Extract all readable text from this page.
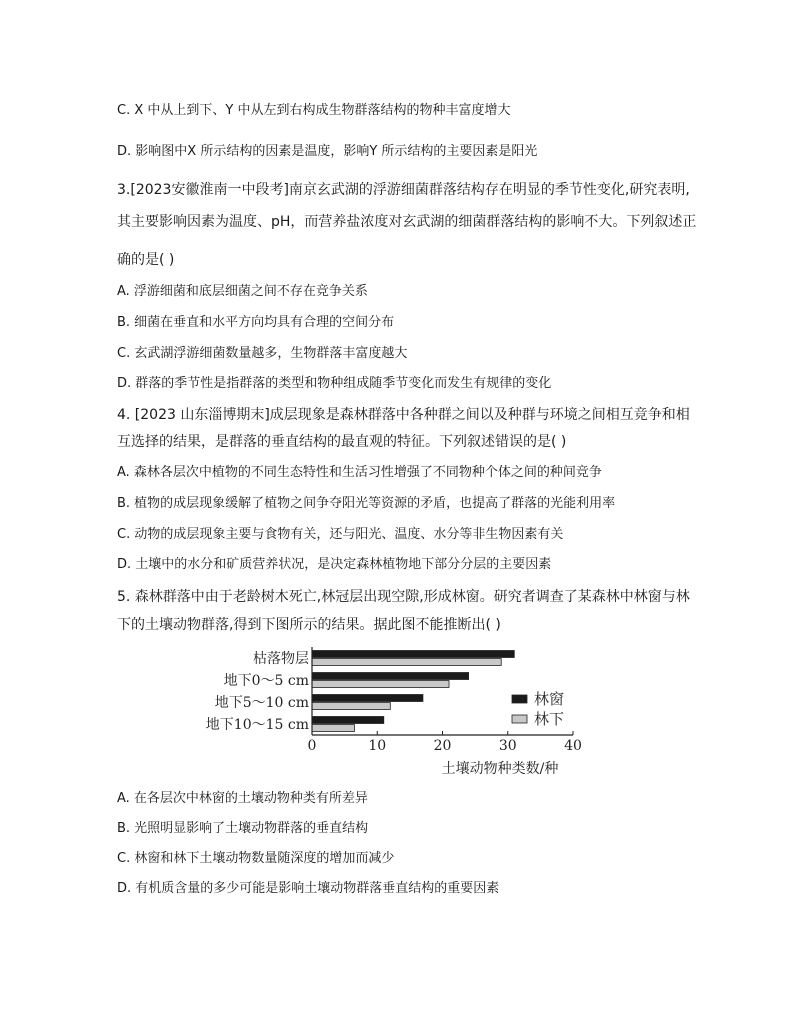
C. X 中从上到下、Y 中从左到右构成生物群落结构的物种丰富度增大
D. 影响图中X 所示结构的因素是温度，影响Y 所示结构的主要因素是阳光
3.[2023安徽淮南一中段考]南京玄武湖的浮游细菌群落结构存在明显的季节性变化,研究表明,
其主要影响因素为温度、pH，而营养盐浓度对玄武湖的细菌群落结构的影响不大。下列叙述正
确的是( )
A. 浮游细菌和底层细菌之间不存在竞争关系
B. 细菌在垂直和水平方向均具有合理的空间分布
C. 玄武湖浮游细菌数量越多，生物群落丰富度越大
D. 群落的季节性是指群落的类型和物种组成随季节变化而发生有规律的变化
4. [2023 山东淄博期末]成层现象是森林群落中各种群之间以及种群与环境之间相互竞争和相
互选择的结果，是群落的垂直结构的最直观的特征。下列叙述错误的是( )
A. 森林各层次中植物的不同生态特性和生活习性增强了不同物种个体之间的种间竞争
B. 植物的成层现象缓解了植物之间争夺阳光等资源的矛盾，也提高了群落的光能利用率
C. 动物的成层现象主要与食物有关，还与阳光、温度、水分等非生物因素有关
D. 土壤中的水分和矿质营养状况，是决定森林植物地下部分分层的主要因素
5. 森林群落中由于老龄树木死亡,林冠层出现空隙,形成林窗。研究者调查了某森林中林窗与林
下的土壤动物群落,得到下图所示的结果。据此图不能推断出( )
0	10	20	30	40
枯落物层
地下0～5 cm
地下5～10 cm
地下10～15 cm
林窗
林下
土壤动物种类数/种
A. 在各层次中林窗的土壤动物种类有所差异
B. 光照明显影响了土壤动物群落的垂直结构
C. 林窗和林下土壤动物数量随深度的增加而减少
D. 有机质含量的多少可能是影响土壤动物群落垂直结构的重要因素
